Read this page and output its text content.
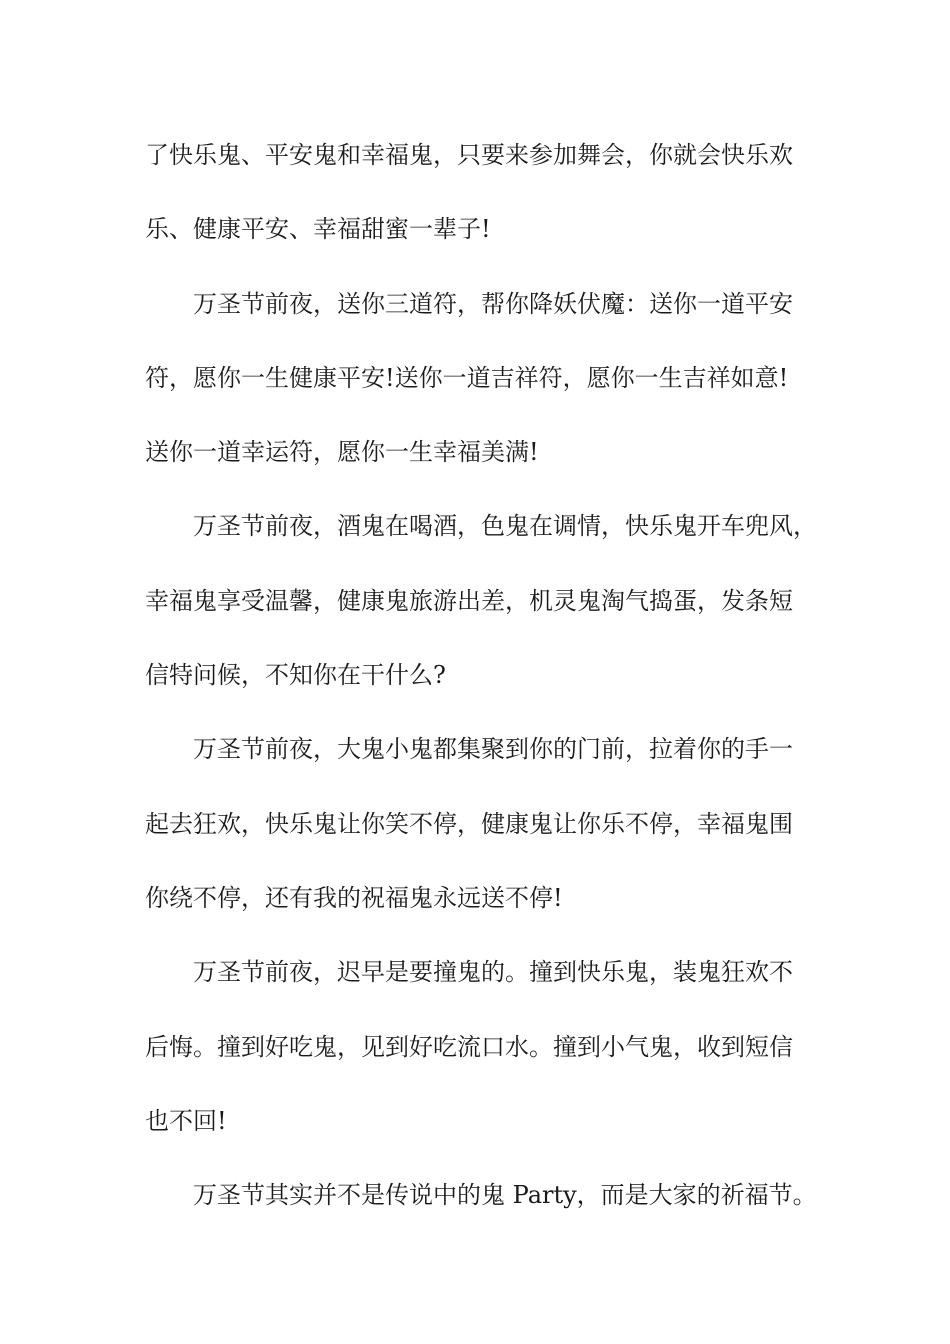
了快乐鬼、平安鬼和幸福鬼，只要来参加舞会，你就会快乐欢
乐、健康平安、幸福甜蜜一辈子!
万圣节前夜，送你三道符，帮你降妖伏魔：送你一道平安
符，愿你一生健康平安!送你一道吉祥符，愿你一生吉祥如意!
送你一道幸运符，愿你一生幸福美满!
万圣节前夜，酒鬼在喝酒，色鬼在调情，快乐鬼开车兜风，
幸福鬼享受温馨，健康鬼旅游出差，机灵鬼淘气捣蛋，发条短
信特问候，不知你在干什么?
万圣节前夜，大鬼小鬼都集聚到你的门前，拉着你的手一
起去狂欢，快乐鬼让你笑不停，健康鬼让你乐不停，幸福鬼围
你绕不停，还有我的祝福鬼永远送不停!
万圣节前夜，迟早是要撞鬼的。撞到快乐鬼，装鬼狂欢不
后悔。撞到好吃鬼，见到好吃流口水。撞到小气鬼，收到短信
也不回!
万圣节其实并不是传说中的鬼 Party，而是大家的祈福节。
